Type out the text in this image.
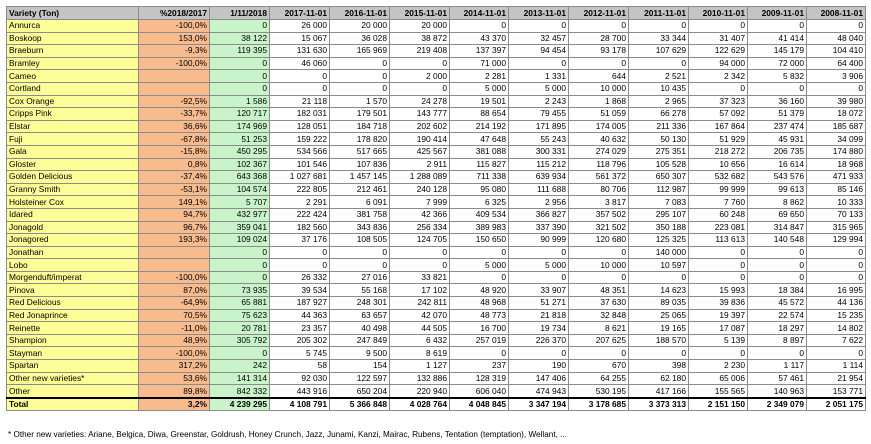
Variety (Ton)	%2018/2017	1/11/2018	2017-11-01	2016-11-01	2015-11-01	2014-11-01	2013-11-01	2012-11-01	2011-11-01	2010-11-01	2009-11-01	2008-11-01
Annurca	-100,0%	0	26 000	20 000	20 000	0	0	0	0	0	0	0
Boskoop	153,0%	38 122	15 067	36 028	38 872	43 370	32 457	28 700	33 344	31 407	41 414	48 040
Braeburn	-9,3%	119 395	131 630	165 969	219 408	137 397	94 454	93 178	107 629	122 629	145 179	104 410
Bramley	-100,0%	0	46 060	0	0	71 000	0	0	0	94 000	72 000	64 400
Cameo		0	0	0	2 000	2 281	1 331	644	2 521	2 342	5 832	3 906
Cortland		0	0	0	0	5 000	5 000	10 000	10 435	0	0	0
Cox Orange	-92,5%	1 586	21 118	1 570	24 278	19 501	2 243	1 868	2 965	37 323	36 160	39 980
Cripps Pink	-33,7%	120 717	182 031	179 501	143 777	88 654	79 455	51 059	66 278	57 092	51 379	18 072
Elstar	36,6%	174 969	128 051	184 718	202 602	214 192	171 895	174 005	211 336	167 864	237 474	185 687
Fuji	-67,8%	51 253	159 222	178 820	190 414	47 648	55 243	40 632	50 130	51 929	45 931	34 099
Gala	-15,8%	450 295	534 566	517 665	425 567	381 088	300 331	274 029	275 351	218 272	206 735	174 880
Gloster	0,8%	102 367	101 546	107 836	2 911	115 827	115 212	118 796	105 528	10 656	16 614	18 968
Golden Delicious	-37,4%	643 368	1 027 681	1 457 145	1 288 089	711 338	639 934	561 372	650 307	532 682	543 576	471 933
Granny Smith	-53,1%	104 574	222 805	212 461	240 128	95 080	111 688	80 706	112 987	99 999	99 613	85 146
Holsteiner Cox	149,1%	5 707	2 291	6 091	7 999	6 325	2 956	3 817	7 083	7 760	8 862	10 333
Idared	94,7%	432 977	222 424	381 758	42 366	409 534	366 827	357 502	295 107	60 248	69 650	70 133
Jonagold	96,7%	359 041	182 560	343 836	256 334	389 983	337 390	321 502	350 188	223 081	314 847	315 965
Jonagored	193,3%	109 024	37 176	108 505	124 705	150 650	90 999	120 680	125 325	113 613	140 548	129 994
Jonathan		0	0	0	0	0	0	0	140 000	0	0	0
Lobo		0	0	0	0	5 000	5 000	10 000	10 597	0	0	0
Morgenduft/imperat	-100,0%	0	26 332	27 016	33 821	0	0	0	0	0	0	0
Pinova	87,0%	73 935	39 534	55 168	17 102	48 920	33 907	48 351	14 623	15 993	18 384	16 995
Red Delicious	-64,9%	65 881	187 927	248 301	242 811	48 968	51 271	37 630	89 035	39 836	45 572	44 136
Red Jonaprince	70,5%	75 623	44 363	63 657	42 070	48 773	21 818	32 848	25 065	19 397	22 574	15 235
Reinette	-11,0%	20 781	23 357	40 498	44 505	16 700	19 734	8 621	19 165	17 087	18 297	14 802
Shampion	48,9%	305 792	205 302	247 849	6 432	257 019	226 370	207 625	188 570	5 139	8 897	7 622
Stayman	-100,0%	0	5 745	9 500	8 619	0	0	0	0	0	0	0
Spartan	317,2%	242	58	154	1 127	237	190	670	398	2 230	1 117	1 114
Other new varieties*	53,6%	141 314	92 030	122 597	132 886	128 319	147 406	64 255	62 180	65 006	57 461	21 954
Other	89,8%	842 332	443 916	650 204	220 940	606 040	474 943	530 195	417 166	155 565	140 963	153 771
Total	3,2%	4 239 295	4 108 791	5 366 848	4 028 764	4 048 845	3 347 194	3 178 685	3 373 313	2 151 150	2 349 079	2 051 175
* Other new varieties: Ariane, Belgica, Diwa, Greenstar, Goldrush, Honey Crunch, Jazz, Junami, Kanzi, Mairac, Rubens, Tentation (temptation), Wellant, ...
